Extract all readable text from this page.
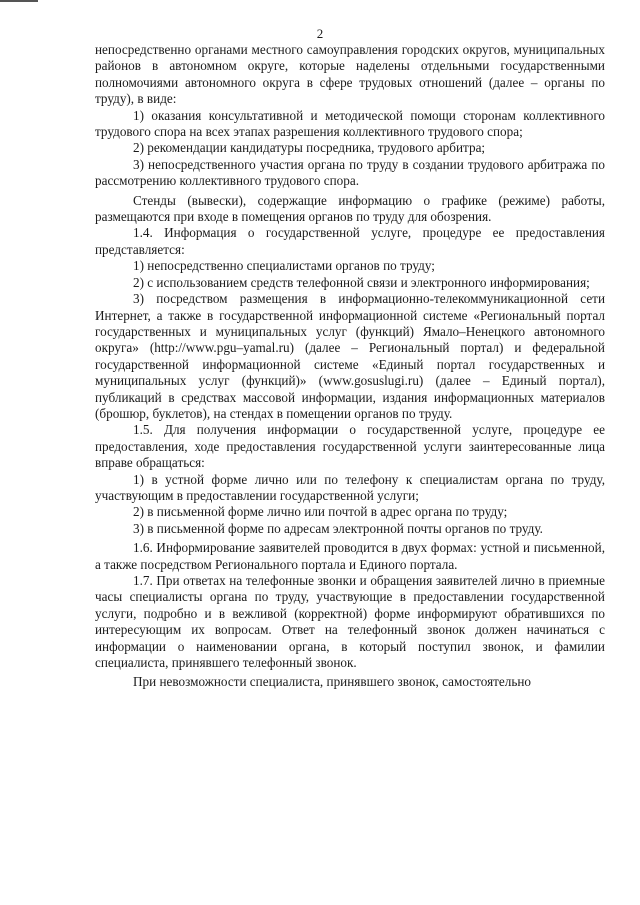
2

непосредственно органами местного самоуправления городских округов, муниципальных районов в автономном округе, которые наделены отдельными государственными полномочиями автономного округа в сфере трудовых отношений (далее – органы по труду), в виде:

1) оказания консультативной и методической помощи сторонам коллективного трудового спора на всех этапах разрешения коллективного трудового спора;

2) рекомендации кандидатуры посредника, трудового арбитра;

3) непосредственного участия органа по труду в создании трудового арбитража по рассмотрению коллективного трудового спора.

Стенды (вывески), содержащие информацию о графике (режиме) работы, размещаются при входе в помещения органов по труду для обозрения.

1.4. Информация о государственной услуге, процедуре ее предоставления представляется:

1) непосредственно специалистами органов по труду;

2) с использованием средств телефонной связи и электронного информирования;

3) посредством размещения в информационно-телекоммуникационной сети Интернет, а также в государственной информационной системе «Региональный портал государственных и муниципальных услуг (функций) Ямало–Ненецкого автономного округа» (http://www.pgu–yamal.ru) (далее – Региональный портал) и федеральной государственной информационной системе «Единый портал государственных и муниципальных услуг (функций)» (www.gosuslugi.ru) (далее – Единый портал), публикаций в средствах массовой информации, издания информационных материалов (брошюр, буклетов), на стендах в помещении органов по труду.

1.5. Для получения информации о государственной услуге, процедуре ее предоставления, ходе предоставления государственной услуги заинтересованные лица вправе обращаться:

1) в устной форме лично или по телефону к специалистам органа по труду, участвующим в предоставлении государственной услуги;

2) в письменной форме лично или почтой в адрес органа по труду;

3) в письменной форме по адресам электронной почты органов по труду.

1.6. Информирование заявителей проводится в двух формах: устной и письменной, а также посредством Регионального портала и Единого портала.

1.7. При ответах на телефонные звонки и обращения заявителей лично в приемные часы специалисты органа по труду, участвующие в предоставлении государственной услуги, подробно и в вежливой (корректной) форме информируют обратившихся по интересующим их вопросам. Ответ на телефонный звонок должен начинаться с информации о наименовании органа, в который поступил звонок, и фамилии специалиста, принявшего телефонный звонок.

При невозможности специалиста, принявшего звонок, самостоятельно
